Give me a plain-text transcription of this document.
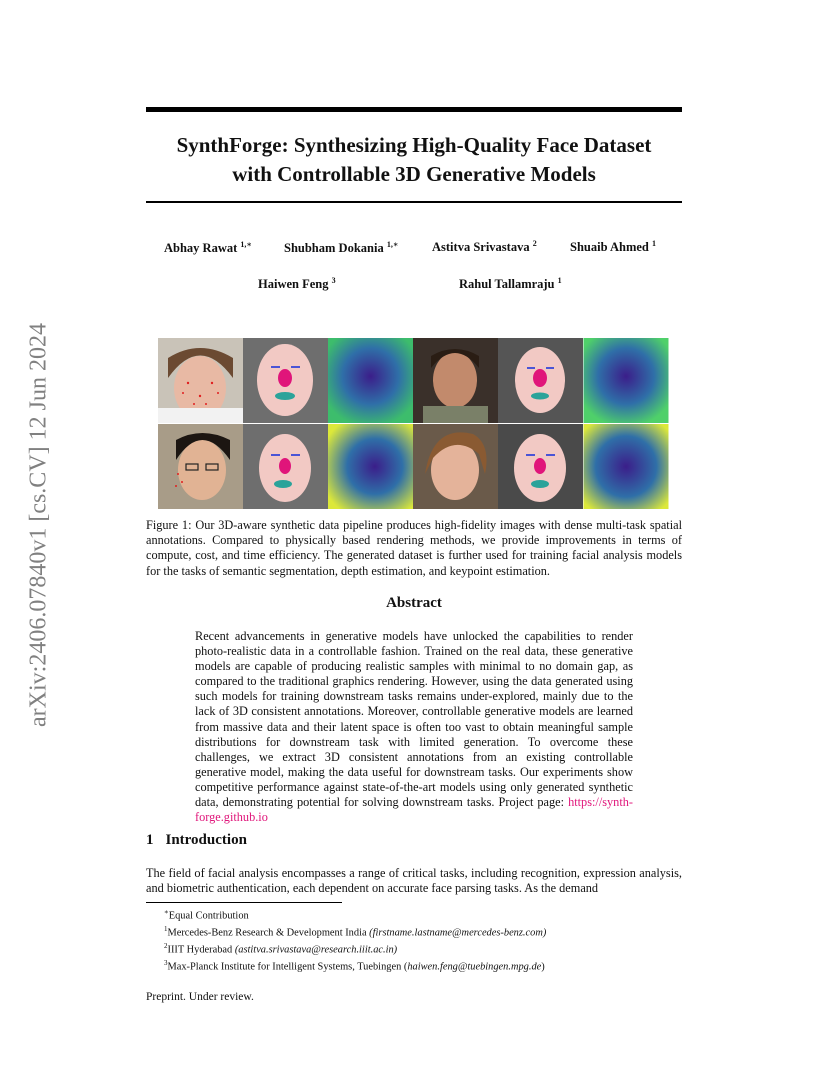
arXiv:2406.07840v1 [cs.CV] 12 Jun 2024
SynthForge: Synthesizing High-Quality Face Dataset
with Controllable 3D Generative Models
Abhay Rawat $^{1,∗}$	Shubham Dokania $^{1,∗}$	Astitva Srivastava $^2$	Shuaib Ahmed $^1$
Haiwen Feng $^3$	Rahul Tallamraju $^1$
Figure 1: Our 3D-aware synthetic data pipeline produces high-fidelity images with dense multi-task spatial annotations. Compared to physically based rendering methods, we provide improvements in terms of compute, cost, and time efficiency. The generated dataset is further used for training facial analysis models for the tasks of semantic segmentation, depth estimation, and keypoint estimation.
Abstract
Recent advancements in generative models have unlocked the capabilities to render photo-realistic data in a controllable fashion. Trained on the real data, these generative models are capable of producing realistic samples with minimal to no domain gap, as compared to the traditional graphics rendering. However, using the data generated using such models for training downstream tasks remains under-explored, mainly due to the lack of 3D consistent annotations. Moreover, controllable generative models are learned from massive data and their latent space is often too vast to obtain meaningful sample distributions for downstream task with limited generation. To overcome these challenges, we extract 3D consistent annotations from an existing controllable generative model, making the data useful for downstream tasks. Our experiments show competitive performance against state-of-the-art models using only generated synthetic data, demonstrating potential for solving downstream tasks. Project page: https://synth-forge.github.io
1 Introduction
The field of facial analysis encompasses a range of critical tasks, including recognition, expression analysis, and biometric authentication, each dependent on accurate face parsing tasks. As the demand
∗Equal Contribution
$^1$Mercedes-Benz Research & Development India (firstname.lastname@mercedes-benz.com)
$^2$IIIT Hyderabad (astitva.srivastava@research.iiit.ac.in)
$^3$Max-Planck Institute for Intelligent Systems, Tuebingen (haiwen.feng@tuebingen.mpg.de)
Preprint. Under review.
